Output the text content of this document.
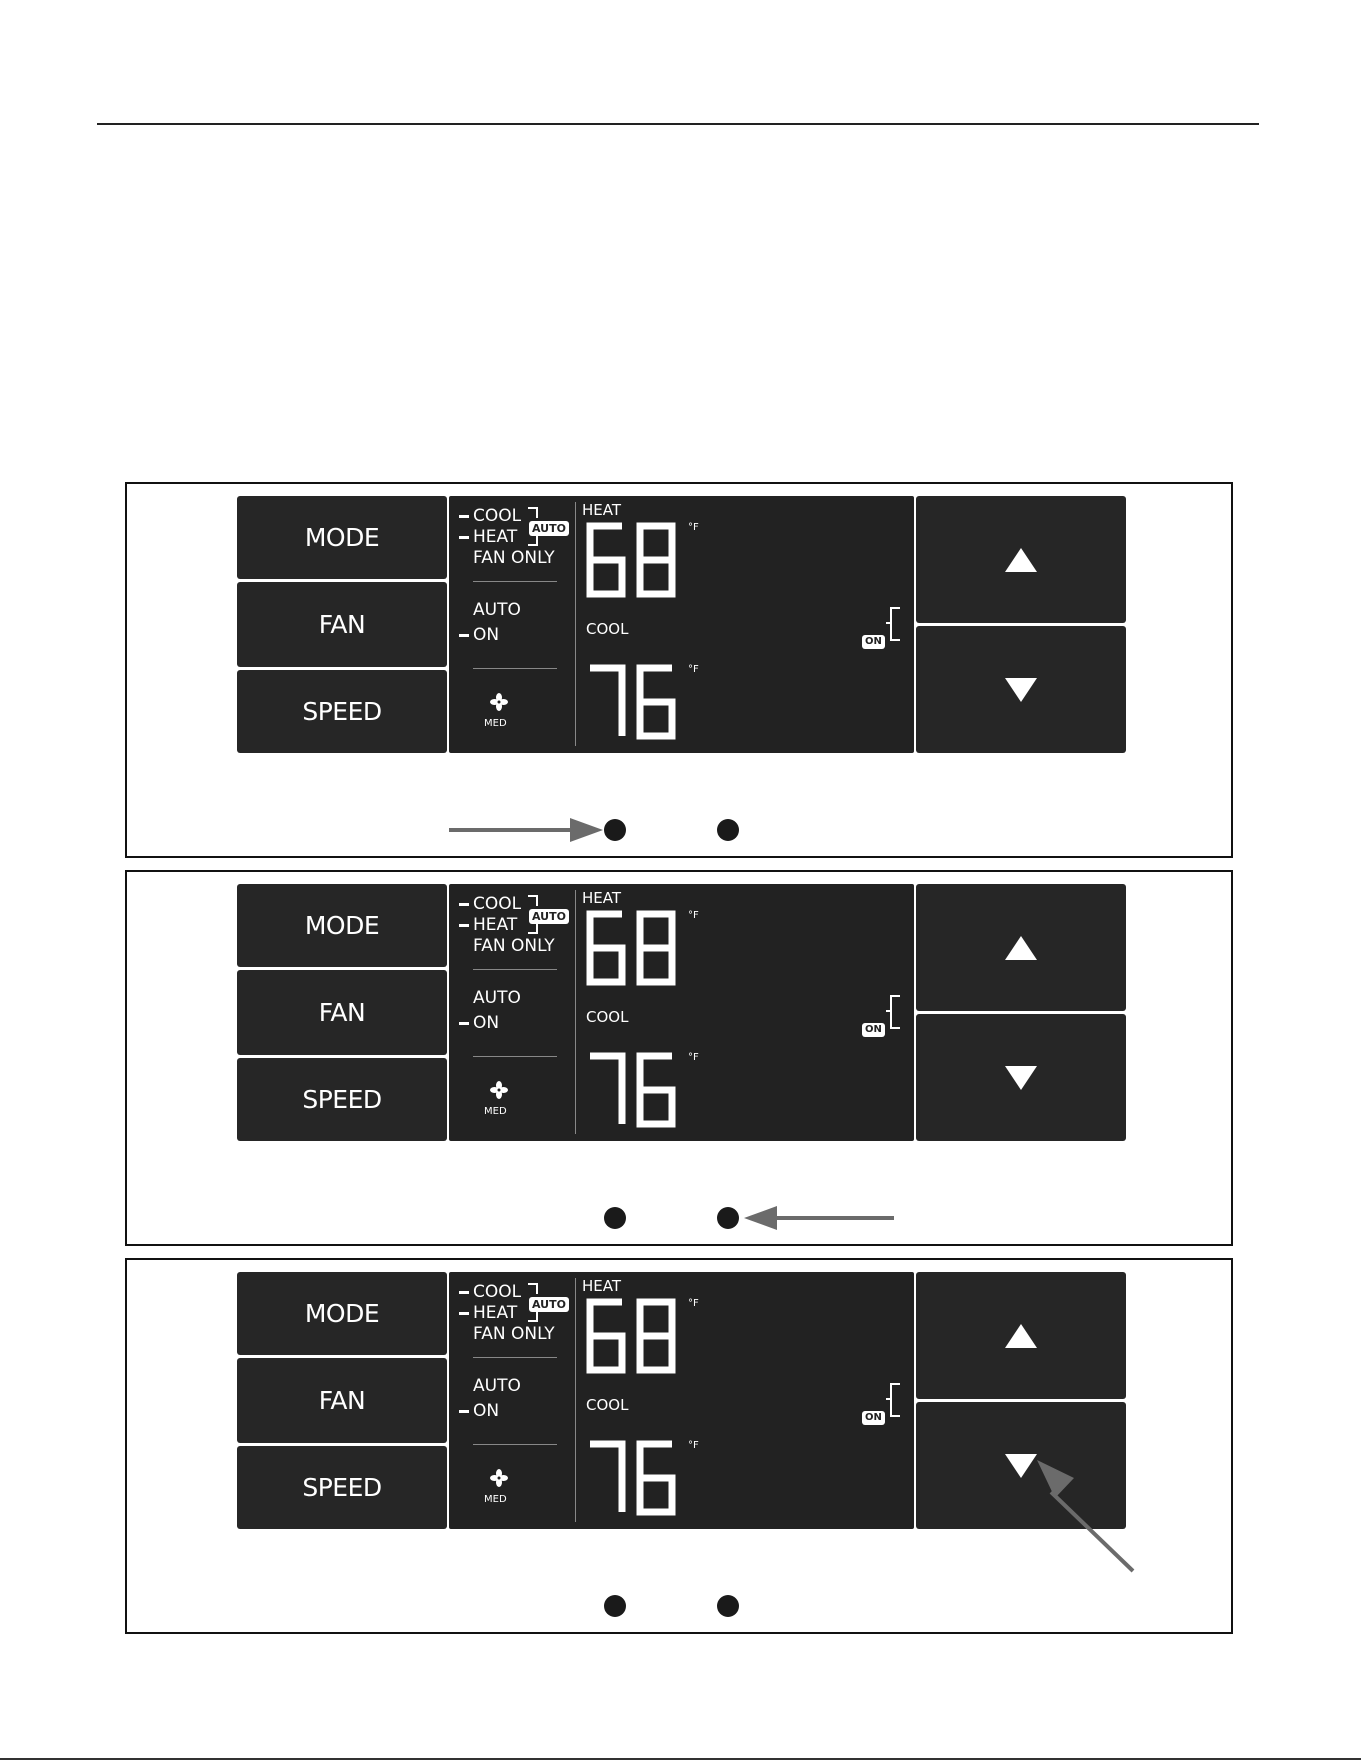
MODE
FAN
SPEED
COOL
HEAT AUTO
FAN ONLY
AUTO
ON
MED
HEAT
°F
COOL
°F
ON
MODE
FAN
SPEED
COOL
HEAT AUTO
FAN ONLY
AUTO
ON
MED
HEAT
°F
COOL
°F
ON
MODE
FAN
SPEED
COOL
HEAT AUTO
FAN ONLY
AUTO
ON
MED
HEAT
°F
COOL
°F
ON
